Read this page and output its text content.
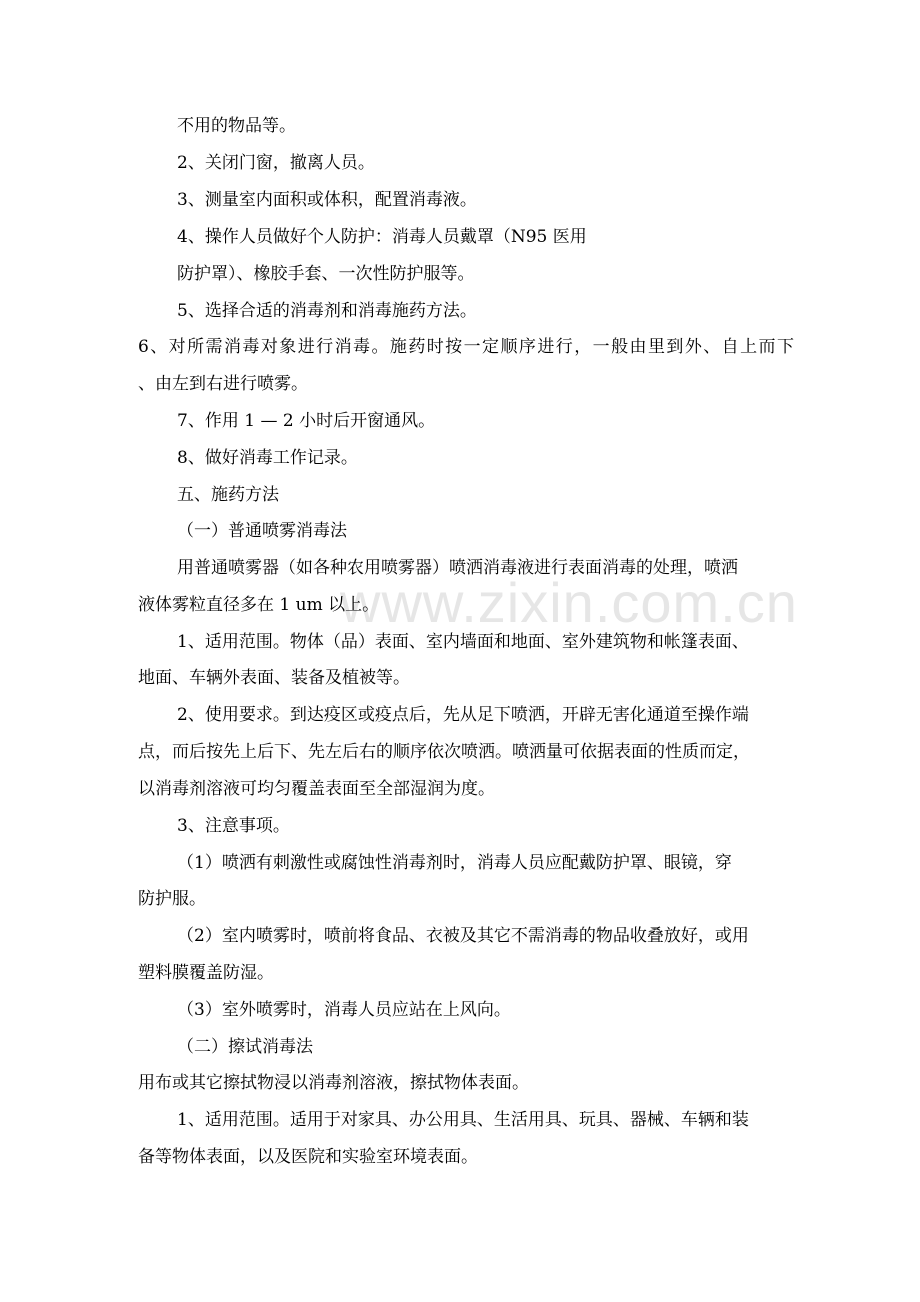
www.zixin.com.cn
不用的物品等。
2、关闭门窗，撤离人员。
3、测量室内面积或体积，配置消毒液。
4、操作人员做好个人防护：消毒人员戴罩（N95 医用
防护罩）、橡胶手套、一次性防护服等。
5、选择合适的消毒剂和消毒施药方法。
6、对所需消毒对象进行消毒。施药时按一定顺序进行，一般由里到外、自上而下
、由左到右进行喷雾。
7、作用 1 — 2 小时后开窗通风。
8、做好消毒工作记录。
五、施药方法
（一）普通喷雾消毒法
用普通喷雾器（如各种农用喷雾器）喷洒消毒液进行表面消毒的处理，喷洒
液体雾粒直径多在 1 um 以上。
1、适用范围。物体（品）表面、室内墙面和地面、室外建筑物和帐篷表面、
地面、车辆外表面、装备及植被等。
2、使用要求。到达疫区或疫点后，先从足下喷洒，开辟无害化通道至操作端
点，而后按先上后下、先左后右的顺序依次喷洒。喷洒量可依据表面的性质而定，
以消毒剂溶液可均匀覆盖表面至全部湿润为度。
3、注意事项。
（1）喷洒有刺激性或腐蚀性消毒剂时，消毒人员应配戴防护罩、眼镜，穿
防护服。
（2）室内喷雾时，喷前将食品、衣被及其它不需消毒的物品收叠放好，或用
塑料膜覆盖防湿。
（3）室外喷雾时，消毒人员应站在上风向。
（二）擦试消毒法
用布或其它擦拭物浸以消毒剂溶液，擦拭物体表面。
1、适用范围。适用于对家具、办公用具、生活用具、玩具、器械、车辆和装
备等物体表面，以及医院和实验室环境表面。
